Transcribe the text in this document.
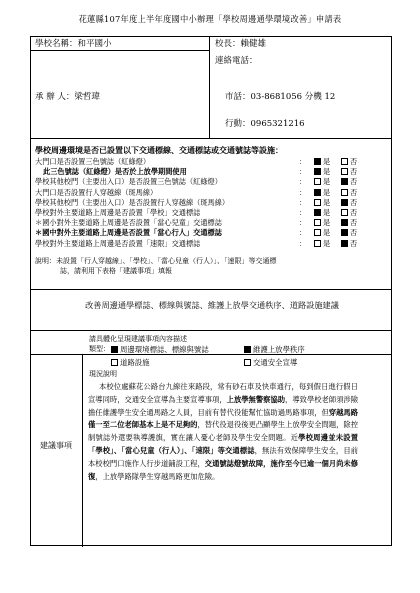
花蓮縣107年度上半年度國中小辦理「學校周邊通學環境改善」申請表
學校名稱：和平國小	校長：賴健雄
連絡電話：
承 辦 人：梁哲瑋	市話：03-8681056 分機 12
行動：0965321216
學校周邊環境是否已設置以下交通標線、交通標誌或交通號誌等設施：
大門口是否設置三色號誌（紅綠燈）	：	是	否
此三色號誌（紅綠燈）是否於上放學期間使用	：	是	否
學校其他校門（主要出入口）是否設置三色號誌（紅綠燈）	：	是	否
大門口是否設置行人穿越線（斑馬線）	：	是	否
學校其他校門（主要出入口）是否設置行人穿越線（斑馬線）	：	是	否
學校對外主要道路上周邊是否設置「學校」交通標誌	：	是	否
＊國小對外主要道路上周邊是否設置「當心兒童」交通標誌	：	是	否
＊國中對外主要道路上周邊是否設置「當心行人」交通標誌	：	是	否
學校對外主要道路上周邊是否設置「速限」交通標誌	：	是	否
說明：未設置「行人穿越線」、「學校」、「當心兒童（行人）」、「速限」等交通標
誌，請利用下表格「建議事項」填報
改善周邊通學標誌、標線與號誌、維護上放學交通秩序、道路設施建議
建議事項
請具體化呈現建議事項內容描述
類型：	周邊環境標誌、標線與號誌	維護上放學秩序
道路設施	交通安全宣導
現況說明
本校位處蘇花公路台九線往來路段，常有砂石車及快車通行，每到假日進行假日宣導同時，交通安全宣導為主要宣導事項，上放學無警察協助，導致學校老師須涉險擔任維護學生安全通馬路之人員，目前有替代役能幫忙協助過馬路事項，但穿越馬路僅一至二位老師基本上是不足夠的，替代役退役後更凸顯學生上放學安全問題，除控制號誌外還要執導護旗，實在讓人憂心老師及學生安全問題。近學校周邊並未設置「學校」、「當心兒童（行人）」、「速限」等交通標誌，無法有效保障學生安全，目前本校校門口施作人行步道鋪設工程，交通號誌燈號故障，施作至今已逾一個月尚未修復，上放學路隊學生穿越馬路更加危險。
